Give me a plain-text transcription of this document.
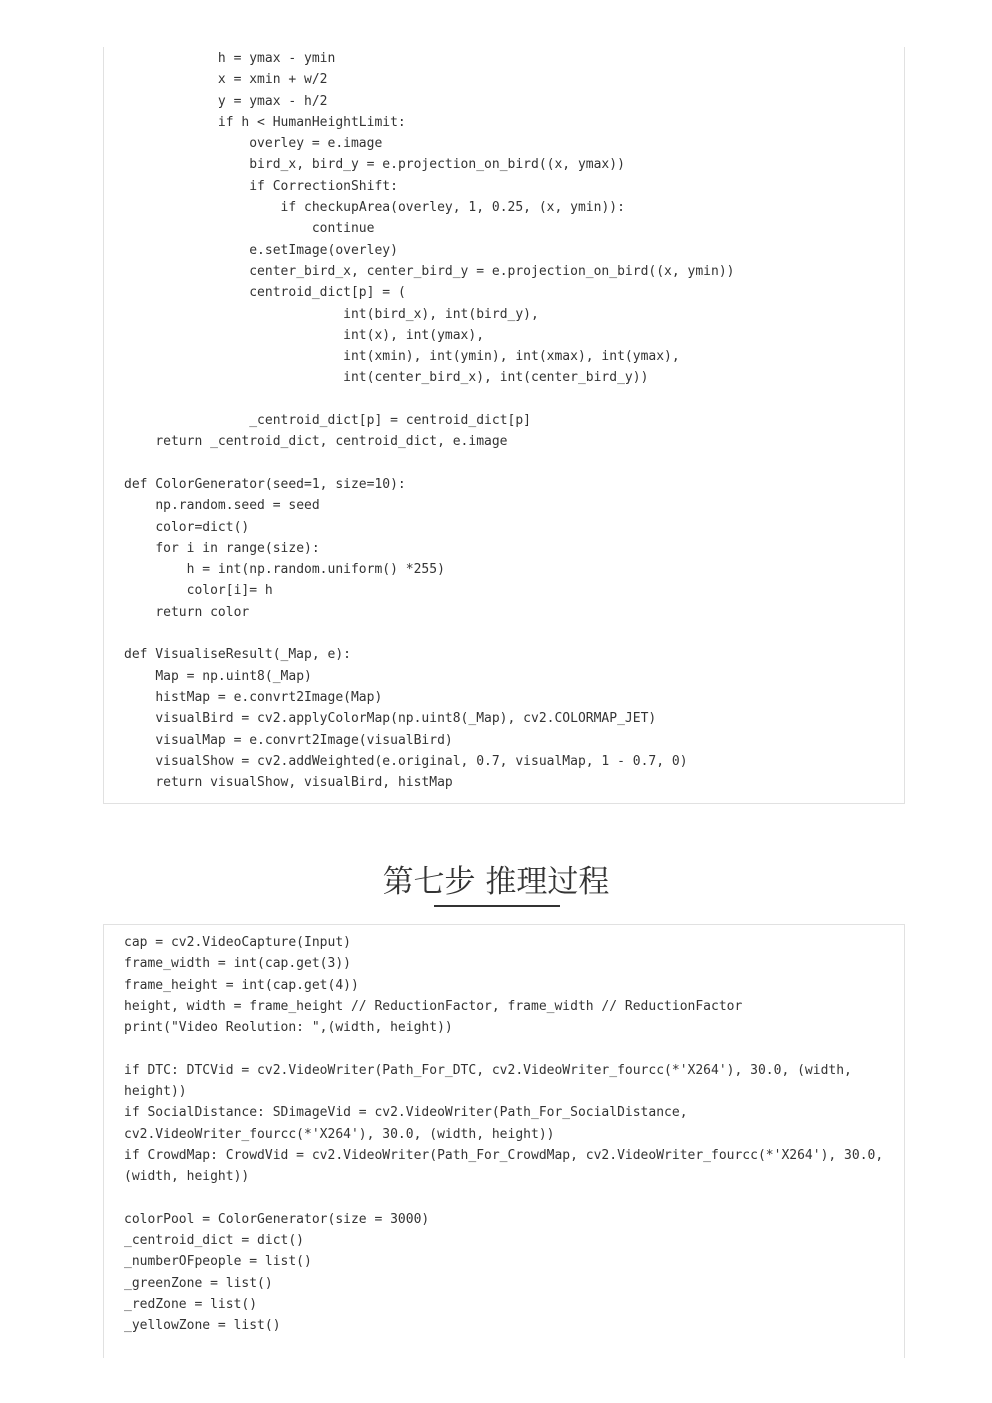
h = ymax - ymin
x = xmin + w/2
y = ymax - h/2
if h < HumanHeightLimit:
overley = e.image
bird_x, bird_y = e.projection_on_bird((x, ymax))
if CorrectionShift:
if checkupArea(overley, 1, 0.25, (x, ymin)):
continue
e.setImage(overley)
center_bird_x, center_bird_y = e.projection_on_bird((x, ymin))
centroid_dict[p] = (
int(bird_x), int(bird_y),
int(x), int(ymax),
int(xmin), int(ymin), int(xmax), int(ymax),
int(center_bird_x), int(center_bird_y))
_centroid_dict[p] = centroid_dict[p]
return _centroid_dict, centroid_dict, e.image
def ColorGenerator(seed=1, size=10):
np.random.seed = seed
color=dict()
for i in range(size):
h = int(np.random.uniform() *255)
color[i]= h
return color
def VisualiseResult(_Map, e):
Map = np.uint8(_Map)
histMap = e.convrt2Image(Map)
visualBird = cv2.applyColorMap(np.uint8(_Map), cv2.COLORMAP_JET)
visualMap = e.convrt2Image(visualBird)
visualShow = cv2.addWeighted(e.original, 0.7, visualMap, 1 - 0.7, 0)
return visualShow, visualBird, histMap
第七步 推理过程
cap = cv2.VideoCapture(Input)
frame_width = int(cap.get(3))
frame_height = int(cap.get(4))
height, width = frame_height // ReductionFactor, frame_width // ReductionFactor
print("Video Reolution: ",(width, height))
if DTC: DTCVid = cv2.VideoWriter(Path_For_DTC, cv2.VideoWriter_fourcc(*'X264'), 30.0, (width, height))
if SocialDistance: SDimageVid = cv2.VideoWriter(Path_For_SocialDistance, cv2.VideoWriter_fourcc(*'X264'), 30.0, (width, height))
if CrowdMap: CrowdVid = cv2.VideoWriter(Path_For_CrowdMap, cv2.VideoWriter_fourcc(*'X264'), 30.0, (width, height))
colorPool = ColorGenerator(size = 3000)
_centroid_dict = dict()
_numberOFpeople = list()
_greenZone = list()
_redZone = list()
_yellowZone = list()
